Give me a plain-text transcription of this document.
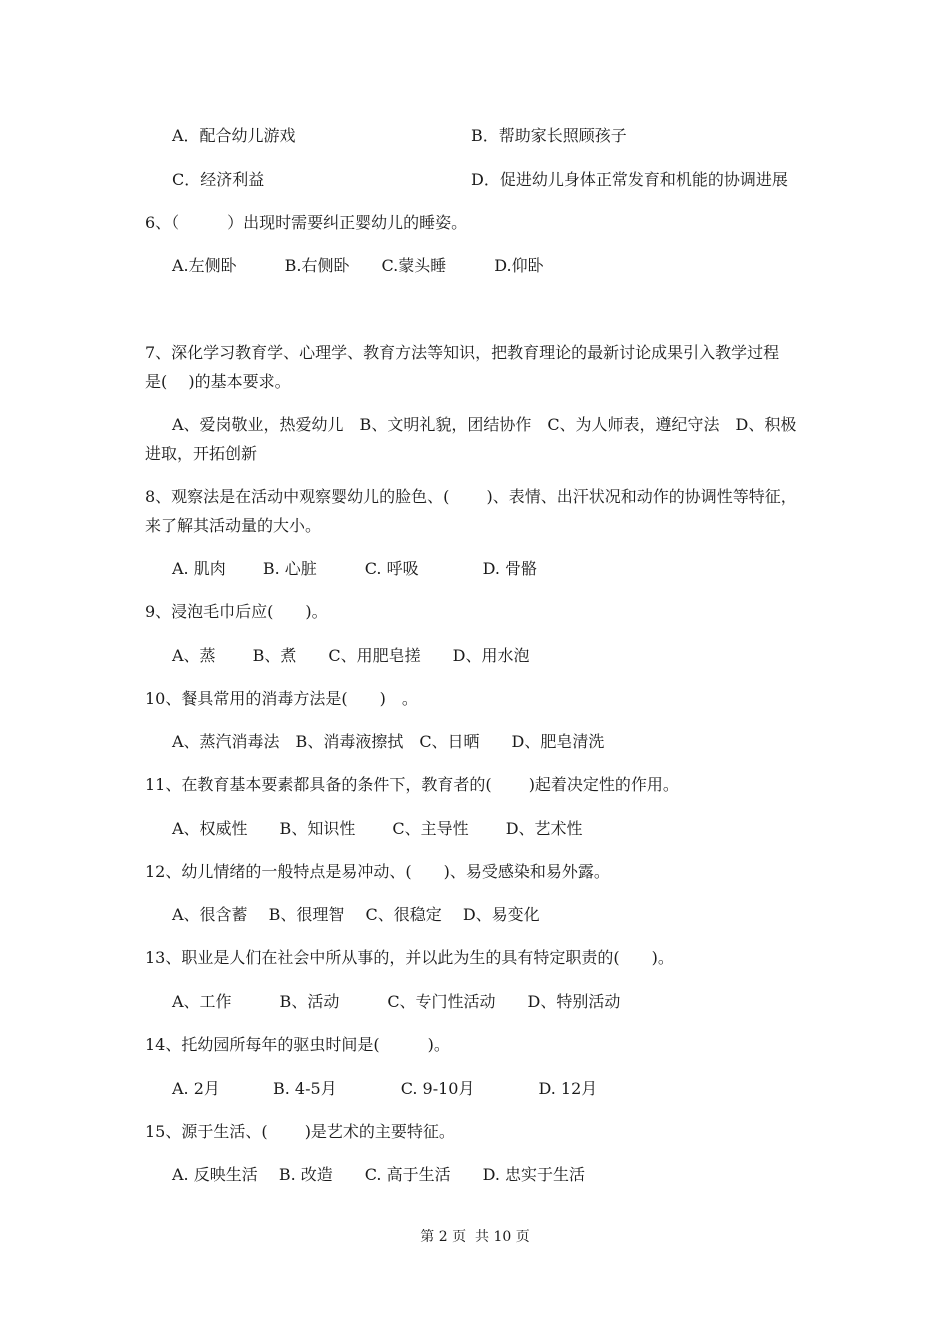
A．配合幼儿游戏	B．帮助家长照顾孩子
C．经济利益	D．促进幼儿身体正常发育和机能的协调进展
6、（　　　）出现时需要纠正婴幼儿的睡姿。
A.左侧卧　　　B.右侧卧　　C.蒙头睡　　　D.仰卧
7、深化学习教育学、心理学、教育方法等知识，把教育理论的最新讨论成果引入教学过程
是(　 )的基本要求。
A、爱岗敬业，热爱幼儿　B、文明礼貌，团结协作　C、为人师表，遵纪守法　D、积极
进取，开拓创新
8、观察法是在活动中观察婴幼儿的脸色、(　　 )、表情、出汗状况和动作的协调性等特征，
来了解其活动量的大小。
A. 肌肉　　 B. 心脏　　　C. 呼吸　　　　D. 骨骼
9、浸泡毛巾后应(　　)。
A、蒸　　 B、煮　　C、用肥皂搓　　D、用水泡
10、餐具常用的消毒方法是(　　)　。
A、蒸汽消毒法　B、消毒液擦拭　C、日晒　　D、肥皂清洗
11、在教育基本要素都具备的条件下，教育者的(　　 )起着决定性的作用。
A、权威性　　B、知识性　　 C、主导性　　 D、艺术性
12、幼儿情绪的一般特点是易冲动、(　　)、易受感染和易外露。
A、很含蓄　 B、很理智　 C、很稳定　 D、易变化
13、职业是人们在社会中所从事的，并以此为生的具有特定职责的(　　)。
A、工作　　　B、活动　　　C、专门性活动　　D、特别活动
14、托幼园所每年的驱虫时间是(　　　)。
A. 2月　　　 B. 4-5月　　　　C. 9-10月　　　　D. 12月
15、源于生活、(　　 )是艺术的主要特征。
A. 反映生活　 B. 改造　　C. 高于生活　　D. 忠实于生活
第 2 页  共 10 页
